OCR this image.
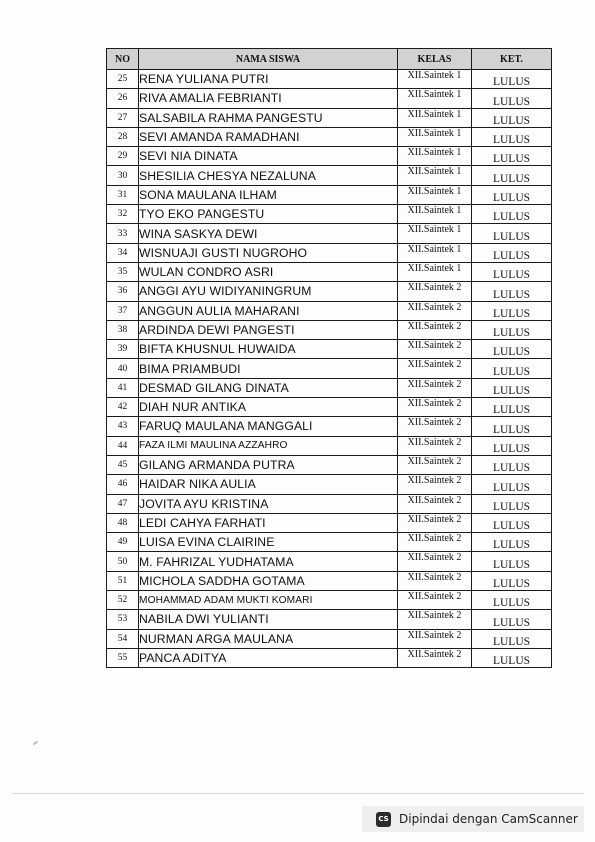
NO	NAMA SISWA	KELAS	KET.
25	RENA YULIANA PUTRI	XII.Saintek 1	LULUS
26	RIVA AMALIA FEBRIANTI	XII.Saintek 1	LULUS
27	SALSABILA RAHMA PANGESTU	XII.Saintek 1	LULUS
28	SEVI AMANDA RAMADHANI	XII.Saintek 1	LULUS
29	SEVI NIA DINATA	XII.Saintek 1	LULUS
30	SHESILIA CHESYA NEZALUNA	XII.Saintek 1	LULUS
31	SONA MAULANA ILHAM	XII.Saintek 1	LULUS
32	TYO EKO PANGESTU	XII.Saintek 1	LULUS
33	WINA SASKYA DEWI	XII.Saintek 1	LULUS
34	WISNUAJI GUSTI NUGROHO	XII.Saintek 1	LULUS
35	WULAN CONDRO ASRI	XII.Saintek 1	LULUS
36	ANGGI AYU WIDIYANINGRUM	XII.Saintek 2	LULUS
37	ANGGUN AULIA MAHARANI	XII.Saintek 2	LULUS
38	ARDINDA DEWI PANGESTI	XII.Saintek 2	LULUS
39	BIFTA KHUSNUL HUWAIDA	XII.Saintek 2	LULUS
40	BIMA PRIAMBUDI	XII.Saintek 2	LULUS
41	DESMAD GILANG DINATA	XII.Saintek 2	LULUS
42	DIAH NUR ANTIKA	XII.Saintek 2	LULUS
43	FARUQ MAULANA MANGGALI	XII.Saintek 2	LULUS
44	FAZA ILMI MAULINA AZZAHRO	XII.Saintek 2	LULUS
45	GILANG ARMANDA PUTRA	XII.Saintek 2	LULUS
46	HAIDAR NIKA AULIA	XII.Saintek 2	LULUS
47	JOVITA AYU KRISTINA	XII.Saintek 2	LULUS
48	LEDI CAHYA FARHATI	XII.Saintek 2	LULUS
49	LUISA EVINA CLAIRINE	XII.Saintek 2	LULUS
50	M. FAHRIZAL YUDHATAMA	XII.Saintek 2	LULUS
51	MICHOLA SADDHA GOTAMA	XII.Saintek 2	LULUS
52	MOHAMMAD ADAM MUKTI KOMARI	XII.Saintek 2	LULUS
53	NABILA DWI YULIANTI	XII.Saintek 2	LULUS
54	NURMAN ARGA MAULANA	XII.Saintek 2	LULUS
55	PANCA ADITYA	XII.Saintek 2	LULUS
CS Dipindai dengan CamScanner
